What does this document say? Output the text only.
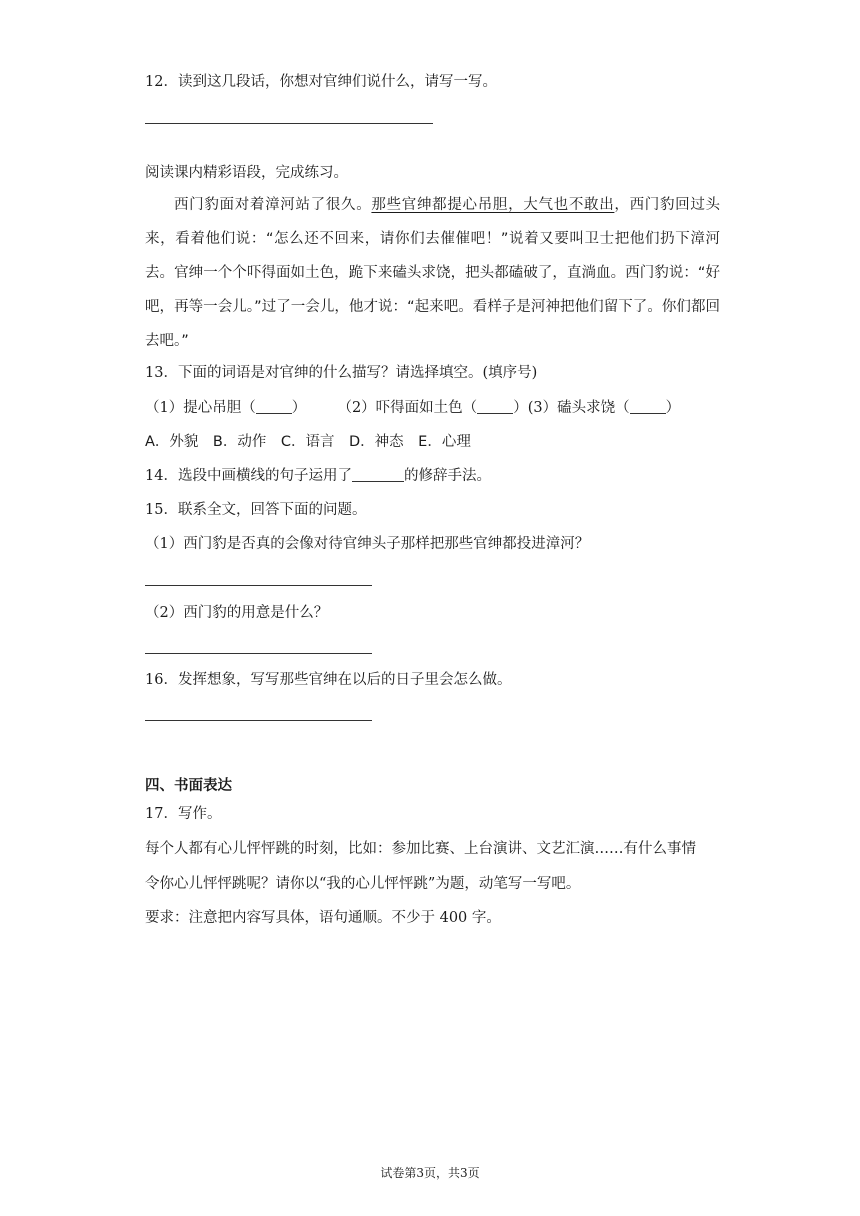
12．读到这几段话，你想对官绅们说什么，请写一写。
阅读课内精彩语段，完成练习。

西门豹面对着漳河站了很久。那些官绅都提心吊胆，大气也不敢出，西门豹回过头来，看着他们说：“怎么还不回来，请你们去催催吧！”说着又要叫卫士把他们扔下漳河去。官绅一个个吓得面如土色，跪下来磕头求饶，把头都磕破了，直淌血。西门豹说：“好吧，再等一会儿。”过了一会儿，他才说：“起来吧。看样子是河神把他们留下了。你们都回去吧。”

13．下面的词语是对官绅的什么描写？请选择填空。(填序号)
（1）提心吊胆（ ） （2）吓得面如土色（ ）(3）磕头求饶（ ）
A．外貌　B．动作　C．语言　D．神态　E．心理
14．选段中画横线的句子运用了	的修辞手法。
15．联系全文，回答下面的问题。
（1）西门豹是否真的会像对待官绅头子那样把那些官绅都投进漳河？
（2）西门豹的用意是什么？
16．发挥想象，写写那些官绅在以后的日子里会怎么做。
四、书面表达
17．写作。
每个人都有心儿怦怦跳的时刻，比如：参加比赛、上台演讲、文艺汇演……有什么事情
令你心儿怦怦跳呢？请你以“我的心儿怦怦跳”为题，动笔写一写吧。
要求：注意把内容写具体，语句通顺。不少于 400 字。
试卷第3页，共3页
